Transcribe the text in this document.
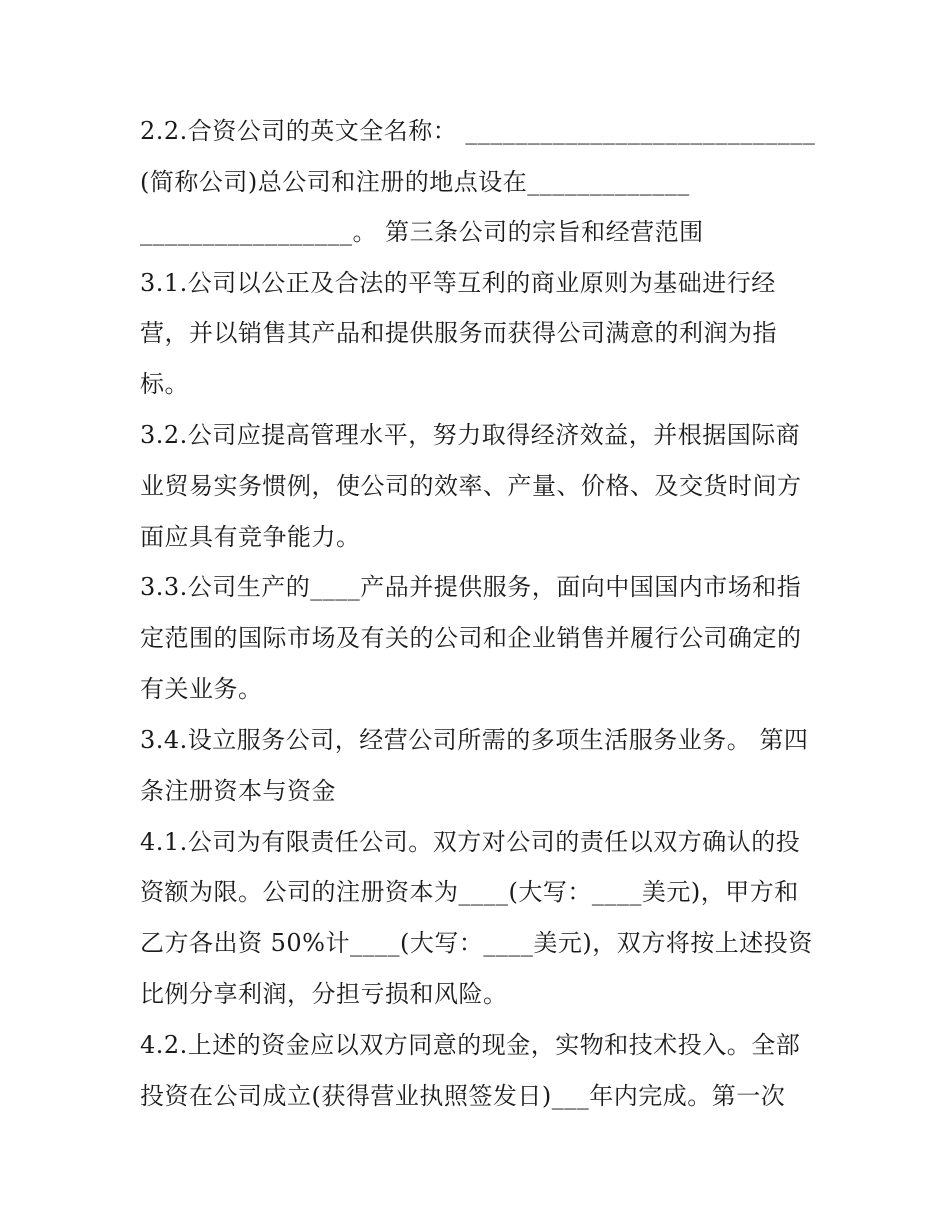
2.2.合资公司的英文全名称： ____________________________
(简称公司)总公司和注册的地点设在_____________
_________________。 第三条公司的宗旨和经营范围
3.1.公司以公正及合法的平等互利的商业原则为基础进行经
营，并以销售其产品和提供服务而获得公司满意的利润为指
标。
3.2.公司应提高管理水平，努力取得经济效益，并根据国际商
业贸易实务惯例，使公司的效率、产量、价格、及交货时间方
面应具有竞争能力。
3.3.公司生产的____产品并提供服务，面向中国国内市场和指
定范围的国际市场及有关的公司和企业销售并履行公司确定的
有关业务。
3.4.设立服务公司，经营公司所需的多项生活服务业务。 第四
条注册资本与资金
4.1.公司为有限责任公司。双方对公司的责任以双方确认的投
资额为限。公司的注册资本为____(大写：____美元)，甲方和
乙方各出资 50%计____(大写：____美元)，双方将按上述投资
比例分享利润，分担亏损和风险。
4.2.上述的资金应以双方同意的现金，实物和技术投入。全部
投资在公司成立(获得营业执照签发日)___年内完成。第一次
